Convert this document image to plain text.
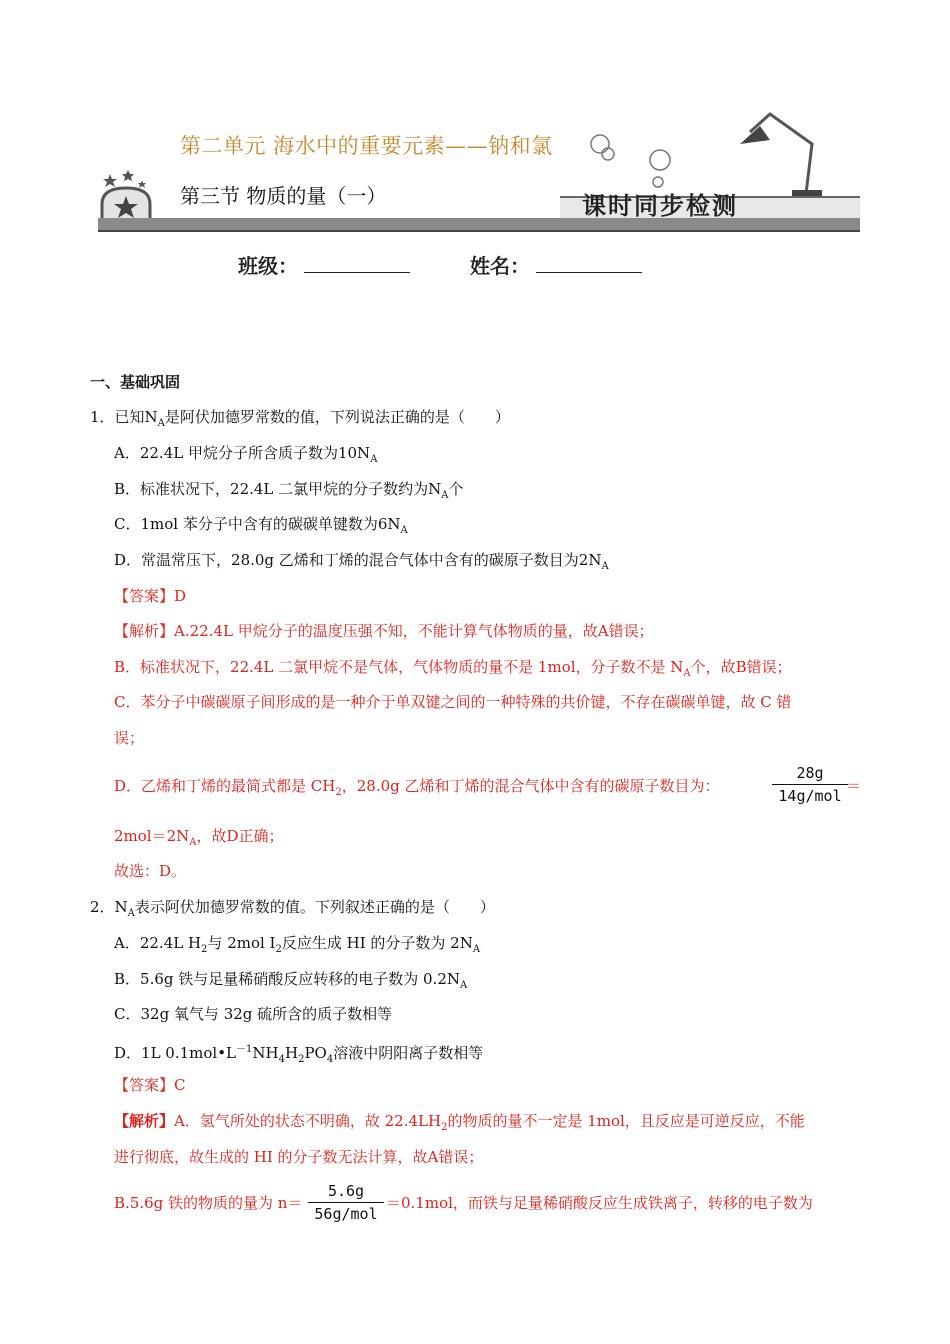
第二单元 海水中的重要元素——钠和氯
第三节 物质的量（一）	课时同步检测
班级：	姓名：
一、基础巩固
1．已知$N_A$是阿伏加德罗常数的值，下列说法正确的是（　　）
A．22.4L 甲烷分子所含质子数为$10N_A$
B．标准状况下，22.4L 二氯甲烷的分子数约为$N_A$个
C．1mol 苯分子中含有的碳碳单键数为$6N_A$
D．常温常压下，28.0g 乙烯和丁烯的混合气体中含有的碳原子数目为$2N_A$
【答案】D
【解析】A.22.4L 甲烷分子的温度压强不知，不能计算气体物质的量，故A错误；
B．标准状况下，22.4L 二氯甲烷不是气体，气体物质的量不是 1mol，分子数不是 $N_A$个，故B错误；
C．苯分子中碳碳原子间形成的是一种介于单双键之间的一种特殊的共价键，不存在碳碳单键，故 C 错
误；
D．乙烯和丁烯的最简式都是 $CH_2$，28.0g 乙烯和丁烯的混合气体中含有的碳原子数目为：
28g
14g/mol
＝
$2mol=2N_A$，故D正确；
故选：D。
2．$N_A$表示阿伏加德罗常数的值。下列叙述正确的是（　　）
A．22.4L $H_2$与 2mol $I_2$反应生成 HI 的分子数为 $2N_A$
B．5.6g 铁与足量稀硝酸反应转移的电子数为 $0.2N_A$
C．32g 氧气与 32g 硫所含的质子数相等
D．1L $0.1mol•L^{-1}NH_4H_2PO_4$溶液中阴阳离子数相等
【答案】C
【解析】A．氢气所处的状态不明确，故 $22.4LH_2$的物质的量不一定是 1mol，且反应是可逆反应，不能
进行彻底，故生成的 HI 的分子数无法计算，故A错误；
B.5.6g 铁的物质的量为 n＝
5.6g
56g/mol
＝0.1mol，而铁与足量稀硝酸反应生成铁离子，转移的电子数为
